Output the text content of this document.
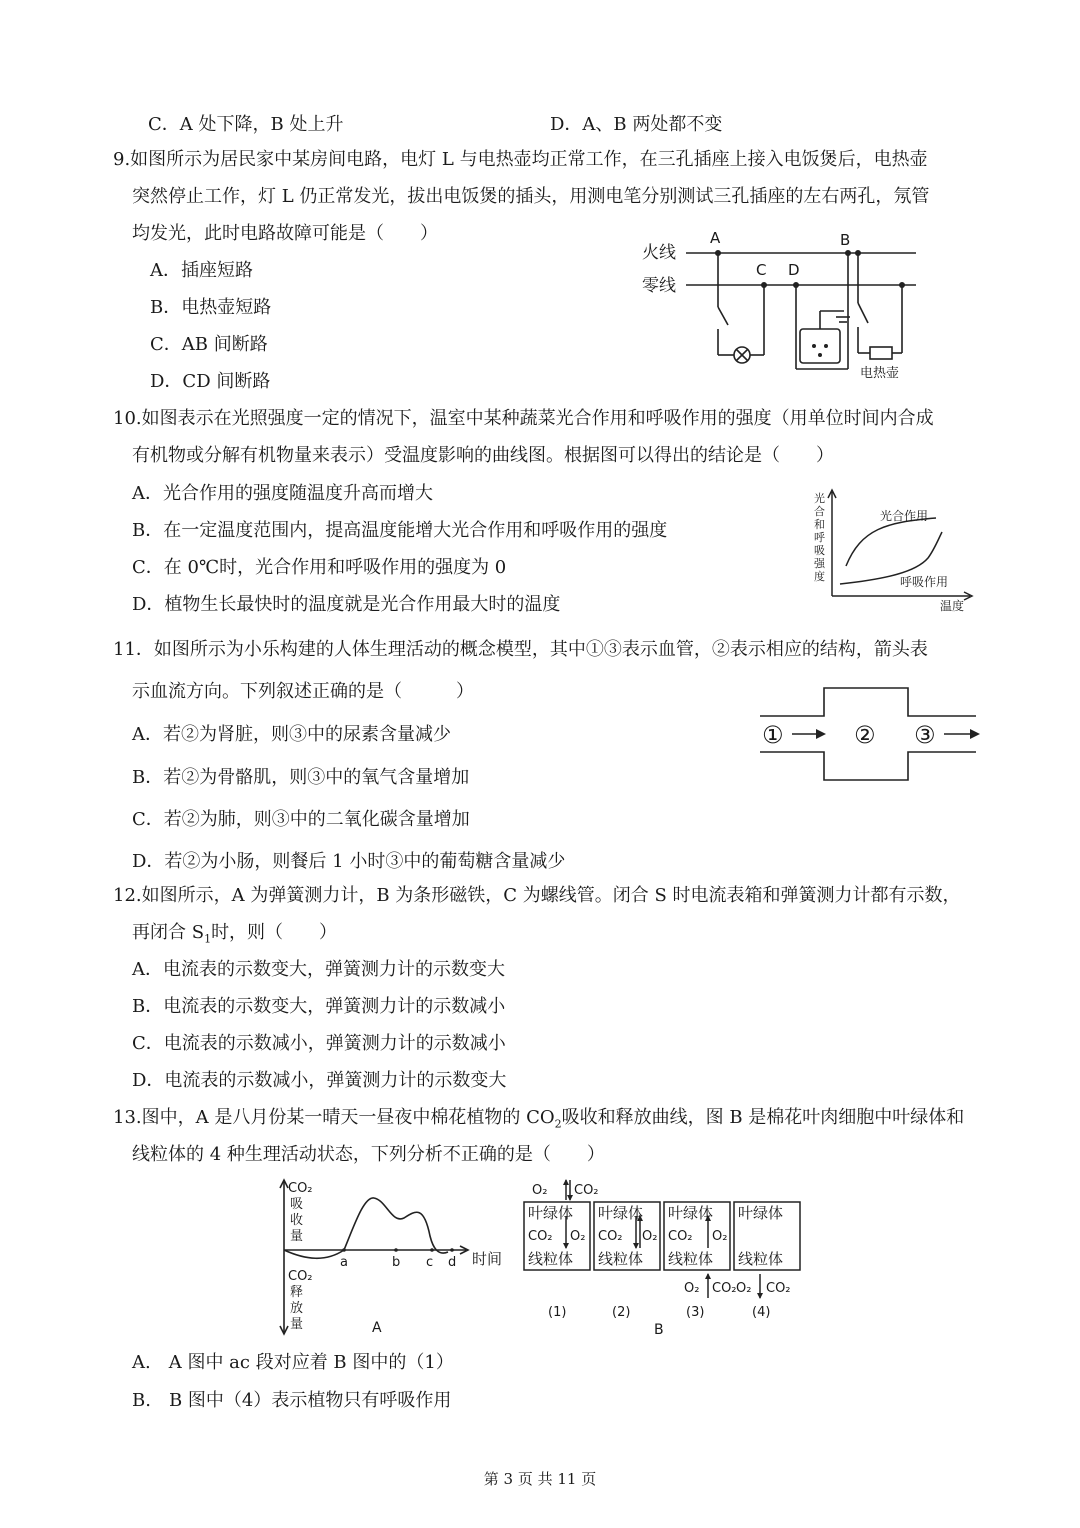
C．A 处下降，B 处上升	D．A、B 两处都不变
9.如图所示为居民家中某房间电路，电灯 L 与电热壶均正常工作，在三孔插座上接入电饭煲后，电热壶
突然停止工作，灯 L 仍正常发光，拔出电饭煲的插头，用测电笔分别测试三孔插座的左右两孔，氖管
均发光，此时电路故障可能是（　　）
A．插座短路
B．电热壶短路
C．AB 间断路
D．CD 间断路
火线
零线
A	B
C D
电热壶
10.如图表示在光照强度一定的情况下，温室中某种蔬菜光合作用和呼吸作用的强度（用单位时间内合成
有机物或分解有机物量来表示）受温度影响的曲线图。根据图可以得出的结论是（　　）
A．光合作用的强度随温度升高而增大
B．在一定温度范围内，提高温度能增大光合作用和呼吸作用的强度
C．在 0℃时，光合作用和呼吸作用的强度为 0
D．植物生长最快时的温度就是光合作用最大时的温度
光
合
和
呼
吸
强
度
光合作用
呼吸作用
温度
11．如图所示为小乐构建的人体生理活动的概念模型，其中①③表示血管，②表示相应的结构，箭头表
示血流方向。下列叙述正确的是（　　　）
A．若②为肾脏，则③中的尿素含量减少
B．若②为骨骼肌，则③中的氧气含量增加
C．若②为肺，则③中的二氧化碳含量增加
D．若②为小肠，则餐后 1 小时③中的葡萄糖含量减少
①	② ③
12.如图所示，A 为弹簧测力计，B 为条形磁铁，C 为螺线管。闭合 S 时电流表箱和弹簧测力计都有示数，
再闭合 $S_1$时，则（　　）
A．电流表的示数变大，弹簧测力计的示数变大
B．电流表的示数变大，弹簧测力计的示数减小
C．电流表的示数减小，弹簧测力计的示数减小
D．电流表的示数减小，弹簧测力计的示数变大
13.图中，A 是八月份某一晴天一昼夜中棉花植物的 $CO_2$吸收和释放曲线，图 B 是棉花叶肉细胞中叶绿体和
线粒体的 4 种生理活动状态，下列分析不正确的是（　　）
CO₂
吸
收
量
CO₂
释
放
量
a	b c d 时间
A
O₂ CO₂
叶绿体 叶绿体 叶绿体 叶绿体
CO₂ O₂ CO₂ O₂ CO₂ O₂
线粒体 线粒体 线粒体 线粒体
O₂ CO₂ O₂ CO₂
(1)	(2)	(3)	(4)
B
A.　A 图中 ac 段对应着 B 图中的（1）
B.　B 图中（4）表示植物只有呼吸作用
第 3 页 共 11 页
